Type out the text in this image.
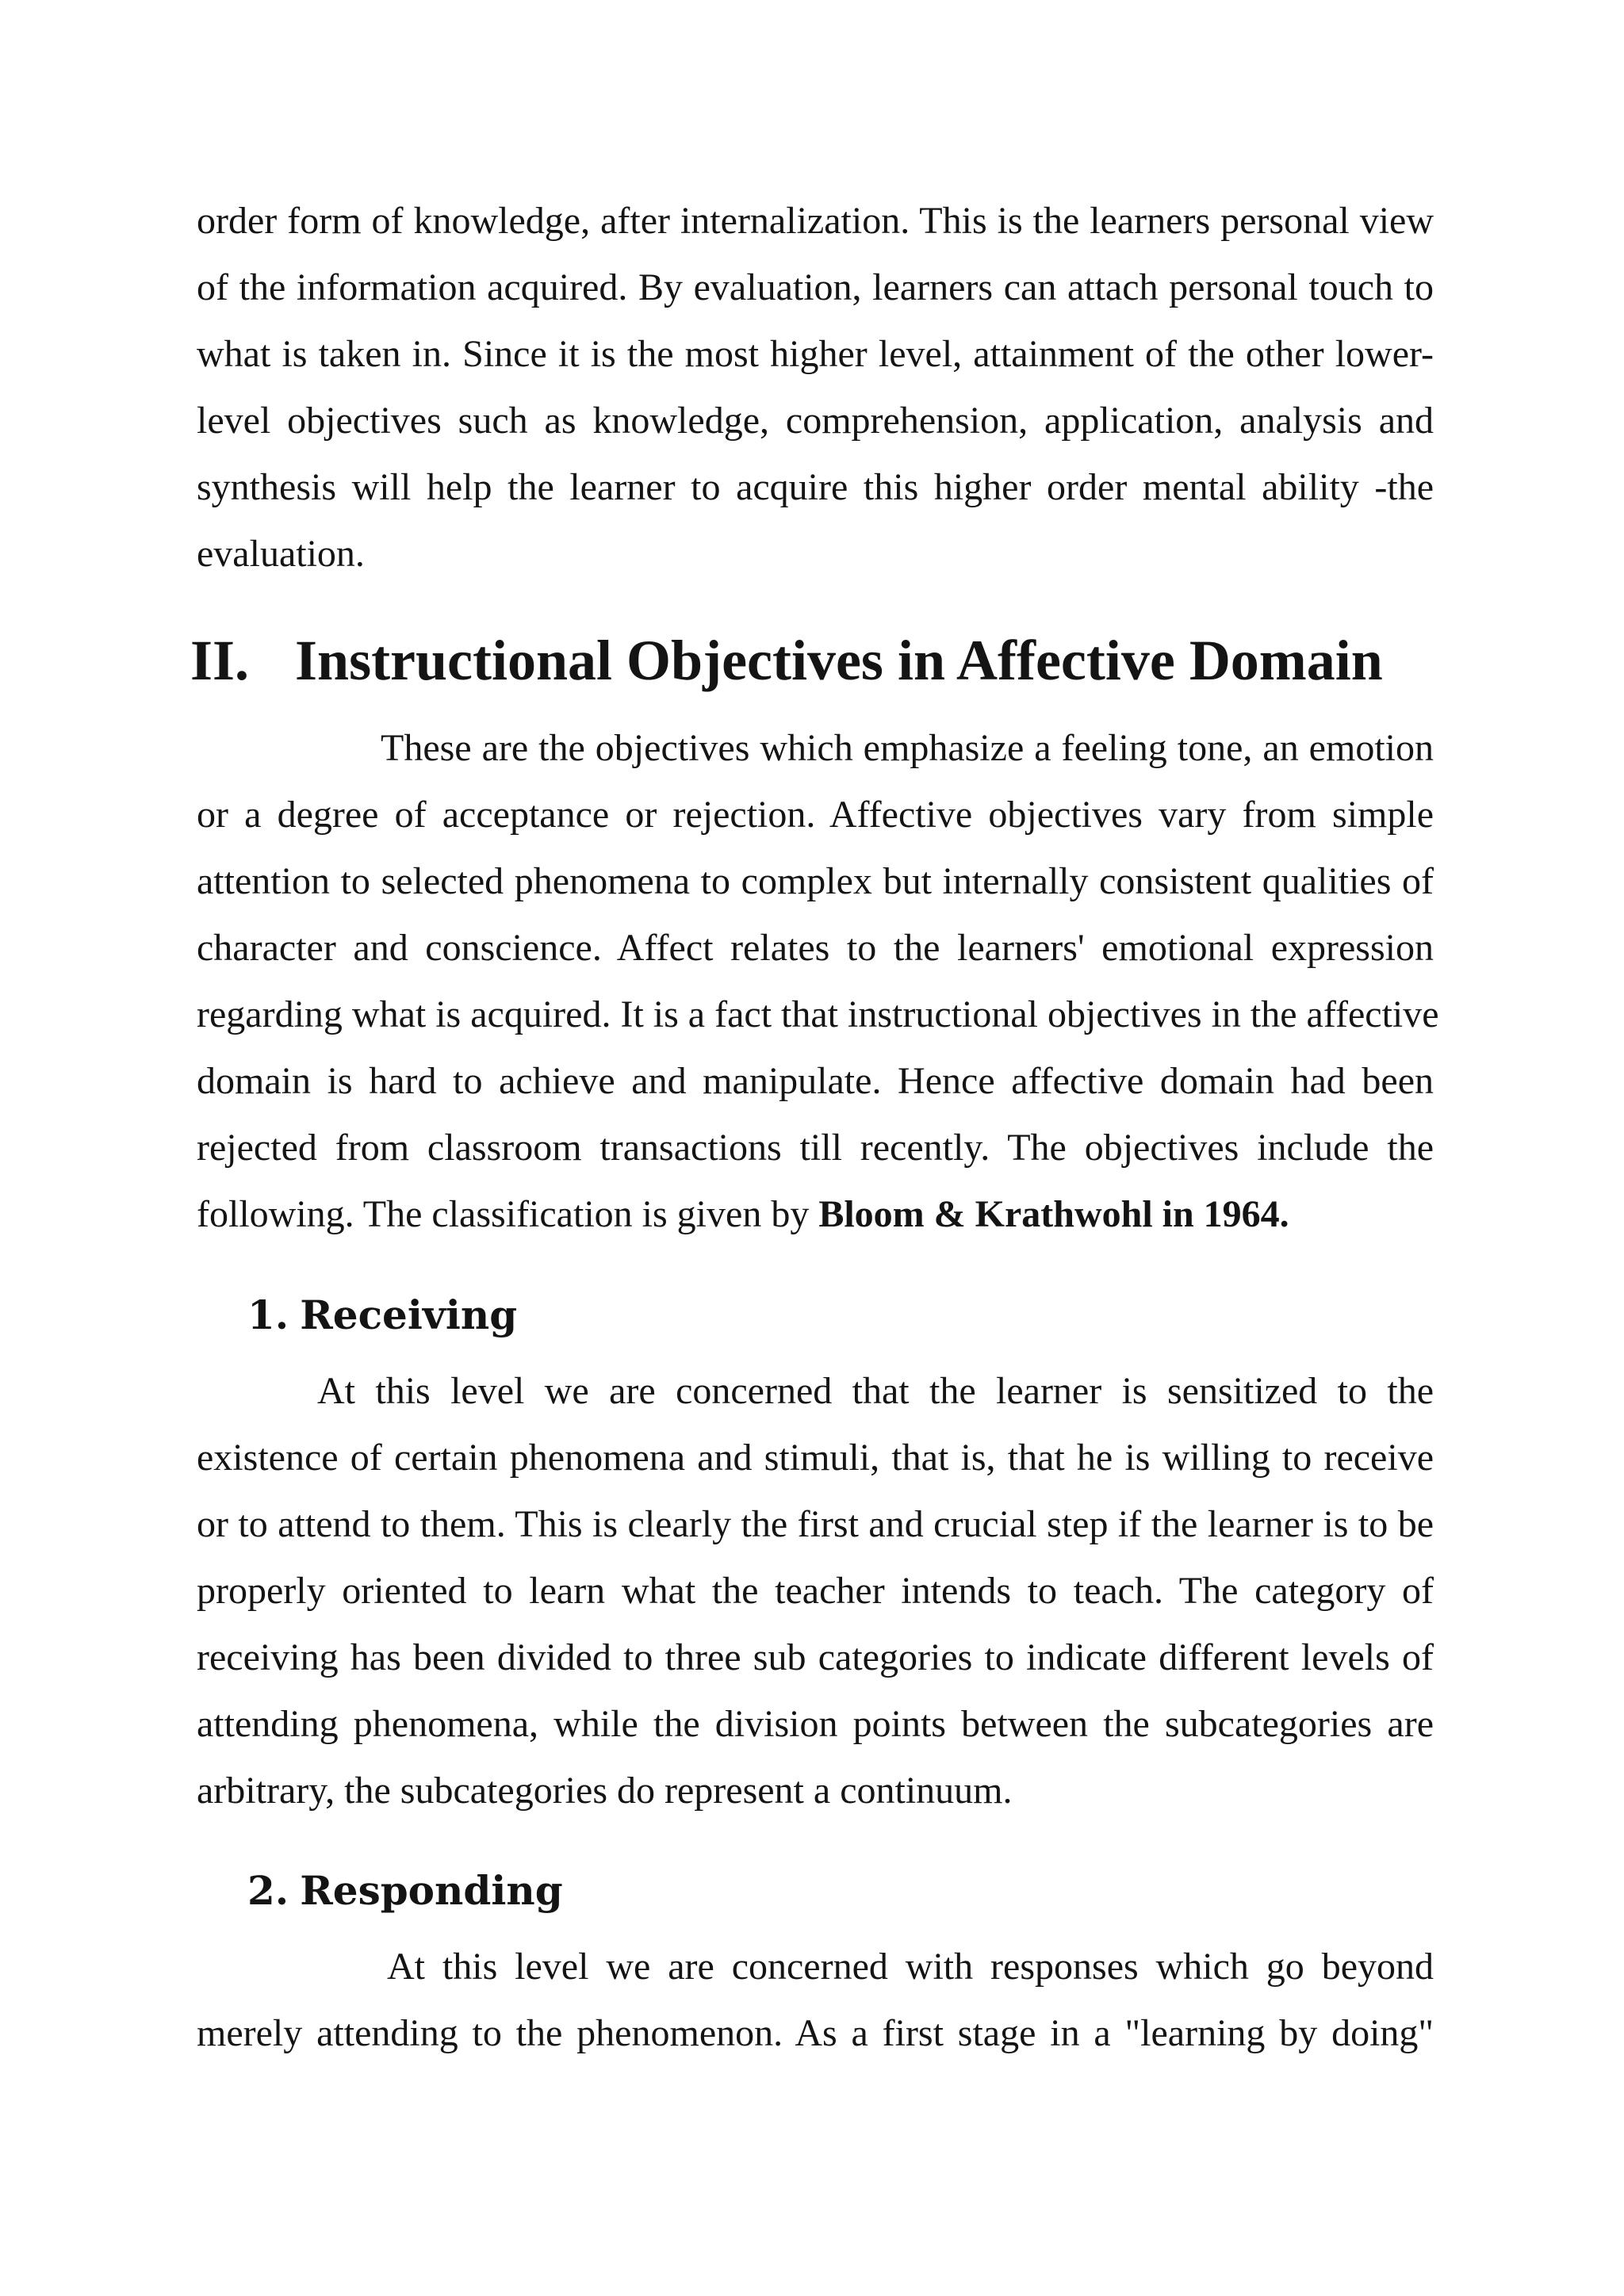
order form of knowledge, after internalization. This is the learners personal view
of the information acquired. By evaluation, learners can attach personal touch to
what is taken in. Since it is the most higher level, attainment of the other lower-
level objectives such as knowledge, comprehension, application, analysis and
synthesis will help the learner to acquire this higher order mental ability -the
evaluation.

II. Instructional Objectives in Affective Domain

These are the objectives which emphasize a feeling tone, an emotion
or a degree of acceptance or rejection. Affective objectives vary from simple
attention to selected phenomena to complex but internally consistent qualities of
character and conscience. Affect relates to the learners' emotional expression
regarding what is acquired. It is a fact that instructional objectives in the affective
domain is hard to achieve and manipulate. Hence affective domain had been
rejected from classroom transactions till recently. The objectives include the
following. The classification is given by Bloom & Krathwohl in 1964.

1. Receiving

At this level we are concerned that the learner is sensitized to the
existence of certain phenomena and stimuli, that is, that he is willing to receive
or to attend to them. This is clearly the first and crucial step if the learner is to be
properly oriented to learn what the teacher intends to teach. The category of
receiving has been divided to three sub categories to indicate different levels of
attending phenomena, while the division points between the subcategories are
arbitrary, the subcategories do represent a continuum.

2. Responding

At this level we are concerned with responses which go beyond
merely attending to the phenomenon. As a first stage in a "learning by doing"
